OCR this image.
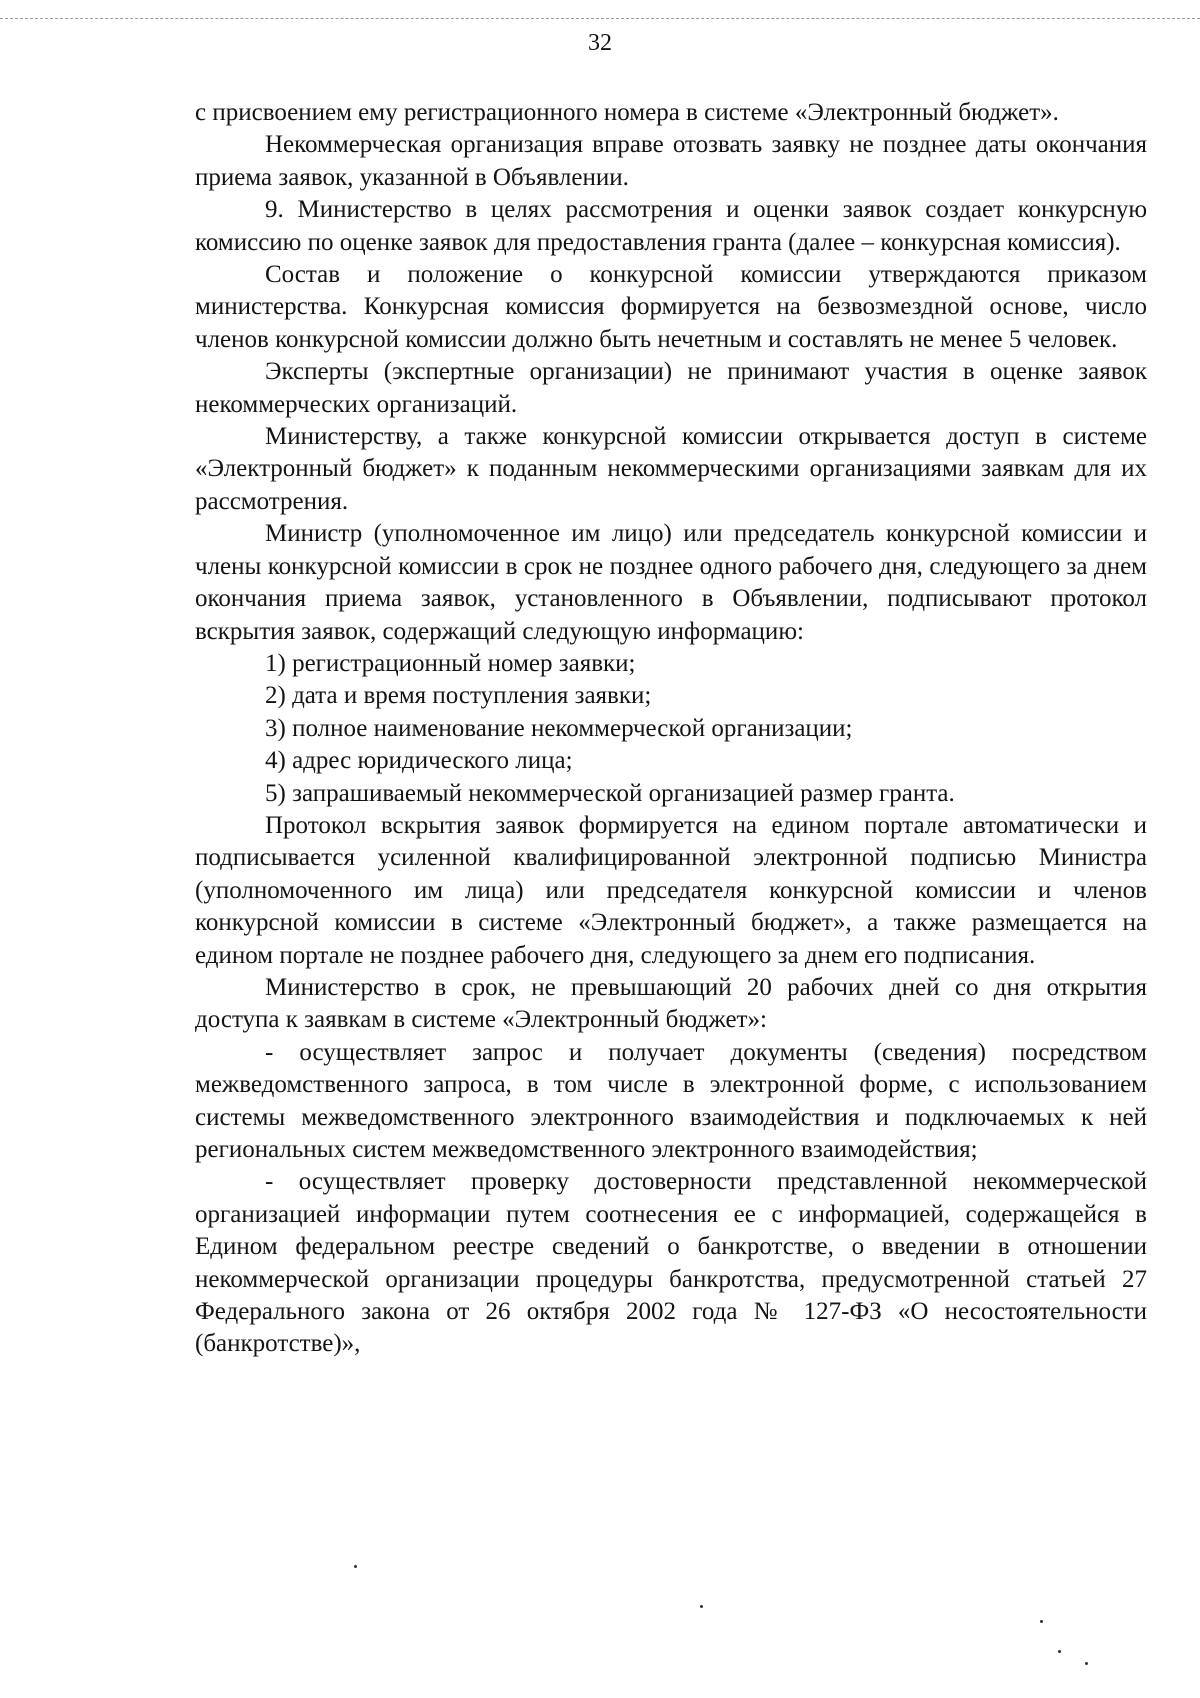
32

с присвоением ему регистрационного номера в системе «Электронный бюджет».

Некоммерческая организация вправе отозвать заявку не позднее даты окончания приема заявок, указанной в Объявлении.

9. Министерство в целях рассмотрения и оценки заявок создает конкурсную комиссию по оценке заявок для предоставления гранта (далее – конкурсная комиссия).

Состав и положение о конкурсной комиссии утверждаются приказом министерства. Конкурсная комиссия формируется на безвозмездной основе, число членов конкурсной комиссии должно быть нечетным и составлять не менее 5 человек.

Эксперты (экспертные организации) не принимают участия в оценке заявок некоммерческих организаций.

Министерству, а также конкурсной комиссии открывается доступ в системе «Электронный бюджет» к поданным некоммерческими организациями заявкам для их рассмотрения.

Министр (уполномоченное им лицо) или председатель конкурсной комиссии и члены конкурсной комиссии в срок не позднее одного рабочего дня, следующего за днем окончания приема заявок, установленного в Объявлении, подписывают протокол вскрытия заявок, содержащий следующую информацию:

1) регистрационный номер заявки;

2) дата и время поступления заявки;

3) полное наименование некоммерческой организации;

4) адрес юридического лица;

5) запрашиваемый некоммерческой организацией размер гранта.

Протокол вскрытия заявок формируется на едином портале автоматически и подписывается усиленной квалифицированной электронной подписью Министра (уполномоченного им лица) или председателя конкурсной комиссии и членов конкурсной комиссии в системе «Электронный бюджет», а также размещается на едином портале не позднее рабочего дня, следующего за днем его подписания.

Министерство в срок, не превышающий 20 рабочих дней со дня открытия доступа к заявкам в системе «Электронный бюджет»:

- осуществляет запрос и получает документы (сведения) посредством межведомственного запроса, в том числе в электронной форме, с использованием системы межведомственного электронного взаимодействия и подключаемых к ней региональных систем межведомственного электронного взаимодействия;

- осуществляет проверку достоверности представленной некоммерческой организацией информации путем соотнесения ее с информацией, содержащейся в Едином федеральном реестре сведений о банкротстве, о введении в отношении некоммерческой организации процедуры банкротства, предусмотренной статьей 27 Федерального закона от 26 октября 2002 года № 127-ФЗ «О несостоятельности (банкротстве)»,
